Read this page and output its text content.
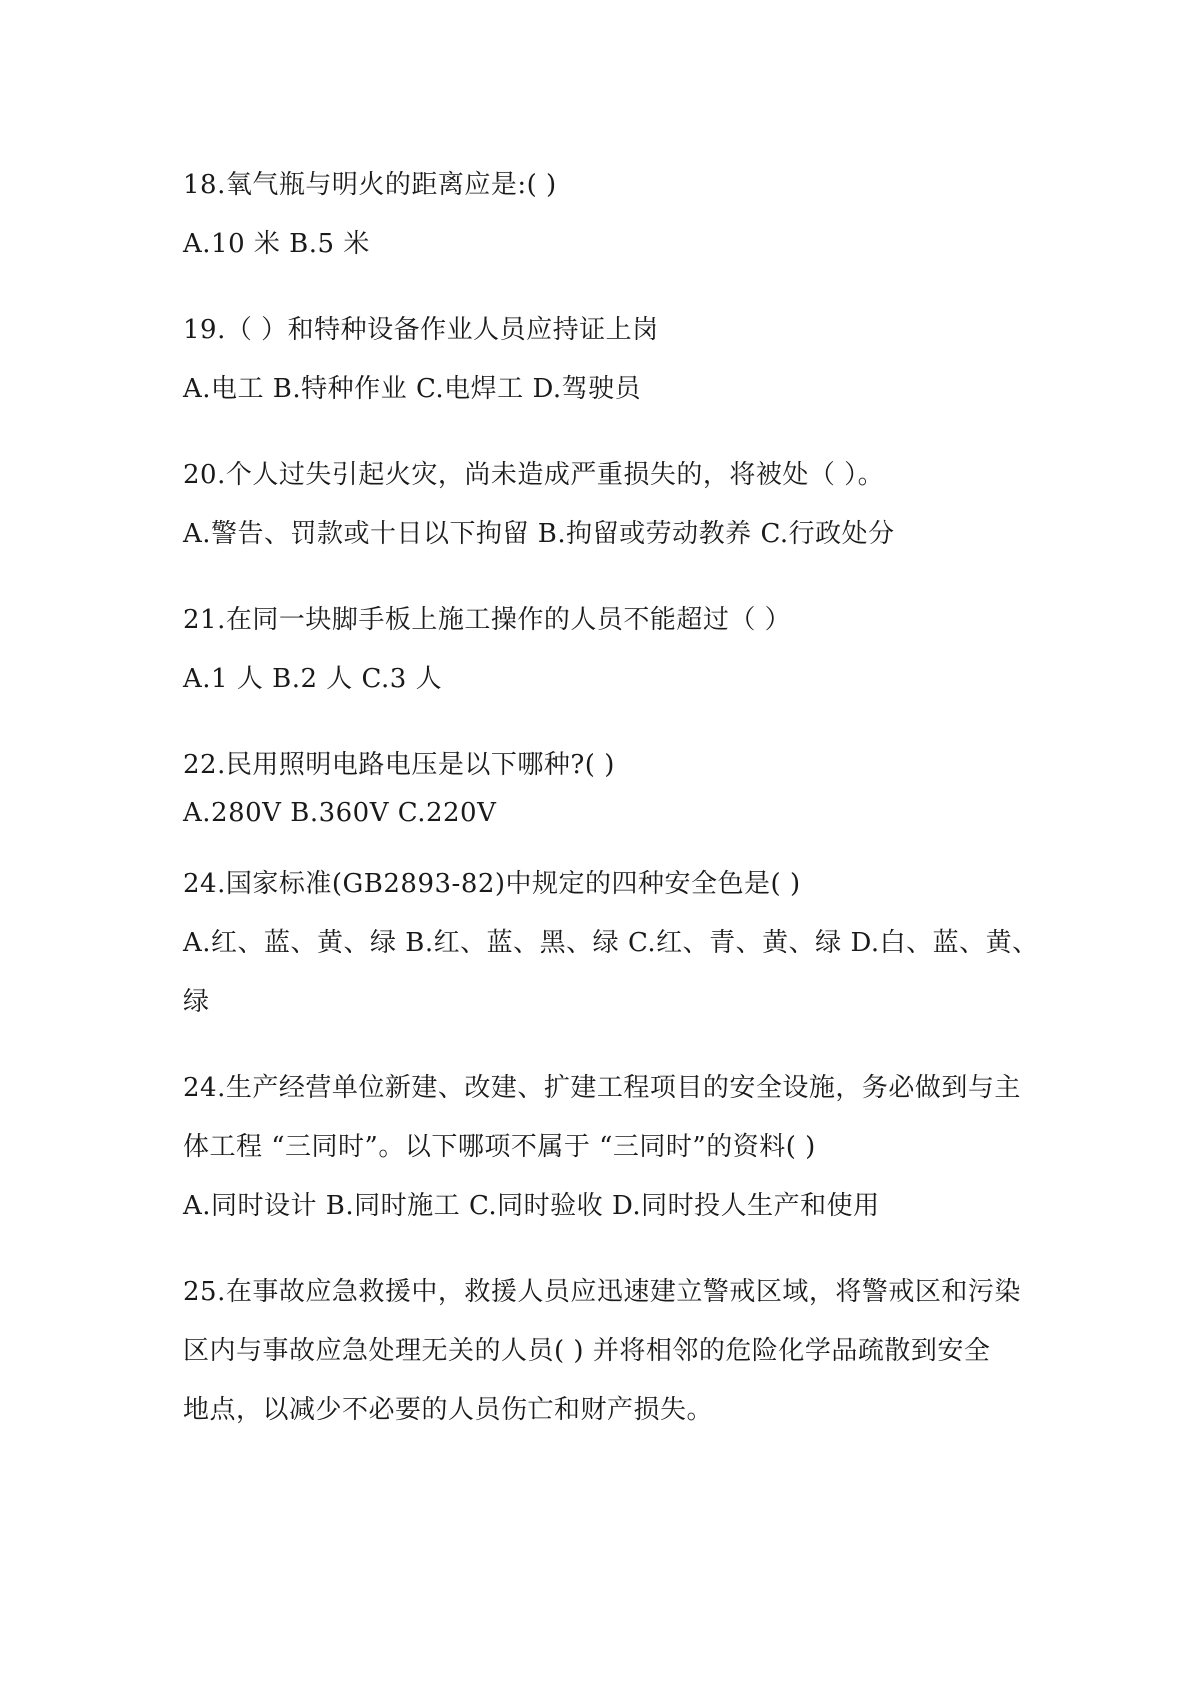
18.氧气瓶与明火的距离应是:( )
A.10 米 B.5 米
19.（ ）和特种设备作业人员应持证上岗
A.电工 B.特种作业 C.电焊工 D.驾驶员
20.个人过失引起火灾，尚未造成严重损失的，将被处（ ）。
A.警告、罚款或十日以下拘留 B.拘留或劳动教养 C.行政处分
21.在同一块脚手板上施工操作的人员不能超过（ ）
A.1 人 B.2 人 C.3 人
22.民用照明电路电压是以下哪种?( )
A.280V B.360V C.220V
24.国家标准(GB2893-82)中规定的四种安全色是( )
A.红、蓝、黄、绿 B.红、蓝、黑、绿 C.红、青、黄、绿 D.白、蓝、黄、
绿
24.生产经营单位新建、改建、扩建工程项目的安全设施，务必做到与主
体工程 “三同时”。以下哪项不属于 “三同时”的资料( )
A.同时设计 B.同时施工 C.同时验收 D.同时投人生产和使用
25.在事故应急救援中，救援人员应迅速建立警戒区域，将警戒区和污染
区内与事故应急处理无关的人员( ) 并将相邻的危险化学品疏散到安全
地点，以减少不必要的人员伤亡和财产损失。
